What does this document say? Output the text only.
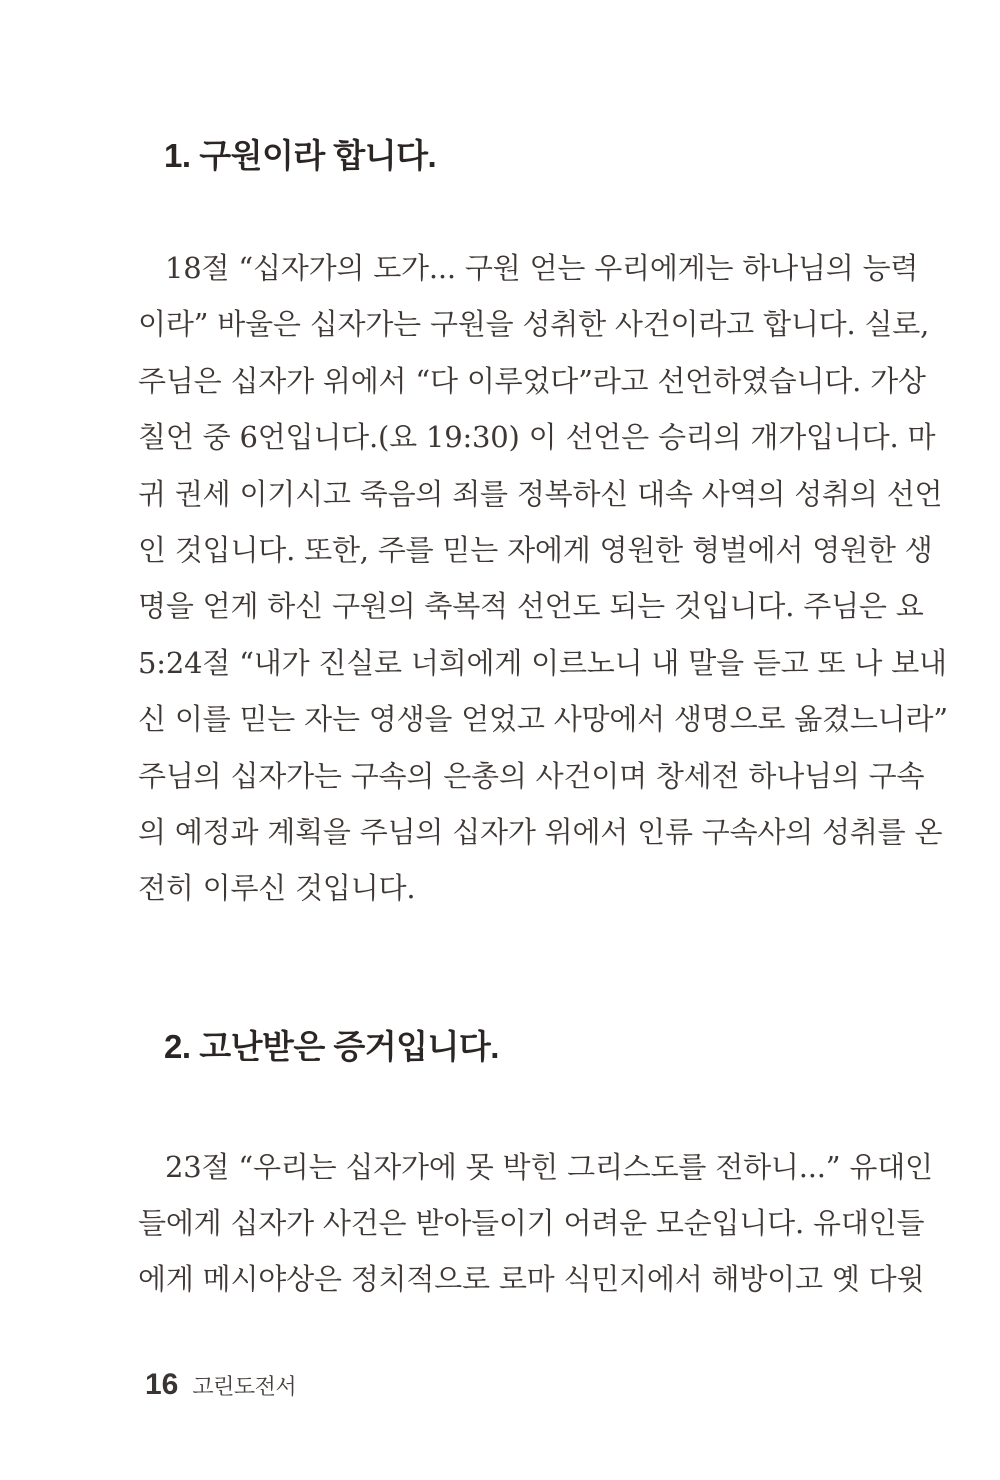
1. 구원이라 합니다.
18절 “십자가의 도가... 구원 얻는 우리에게는 하나님의 능력
이라” 바울은 십자가는 구원을 성취한 사건이라고 합니다. 실로,
주님은 십자가 위에서 “다 이루었다”라고 선언하였습니다. 가상
칠언 중 6언입니다.(요 19:30) 이 선언은 승리의 개가입니다. 마
귀 권세 이기시고 죽음의 죄를 정복하신 대속 사역의 성취의 선언
인 것입니다. 또한, 주를 믿는 자에게 영원한 형벌에서 영원한 생
명을 얻게 하신 구원의 축복적 선언도 되는 것입니다. 주님은 요
5:24절 “내가 진실로 너희에게 이르노니 내 말을 듣고 또 나 보내
신 이를 믿는 자는 영생을 얻었고 사망에서 생명으로 옮겼느니라”
주님의 십자가는 구속의 은총의 사건이며 창세전 하나님의 구속
의 예정과 계획을 주님의 십자가 위에서 인류 구속사의 성취를 온
전히 이루신 것입니다.
2. 고난받은 증거입니다.
23절 “우리는 십자가에 못 박힌 그리스도를 전하니...” 유대인
들에게 십자가 사건은 받아들이기 어려운 모순입니다. 유대인들
에게 메시야상은 정치적으로 로마 식민지에서 해방이고 옛 다윗
16 고린도전서
